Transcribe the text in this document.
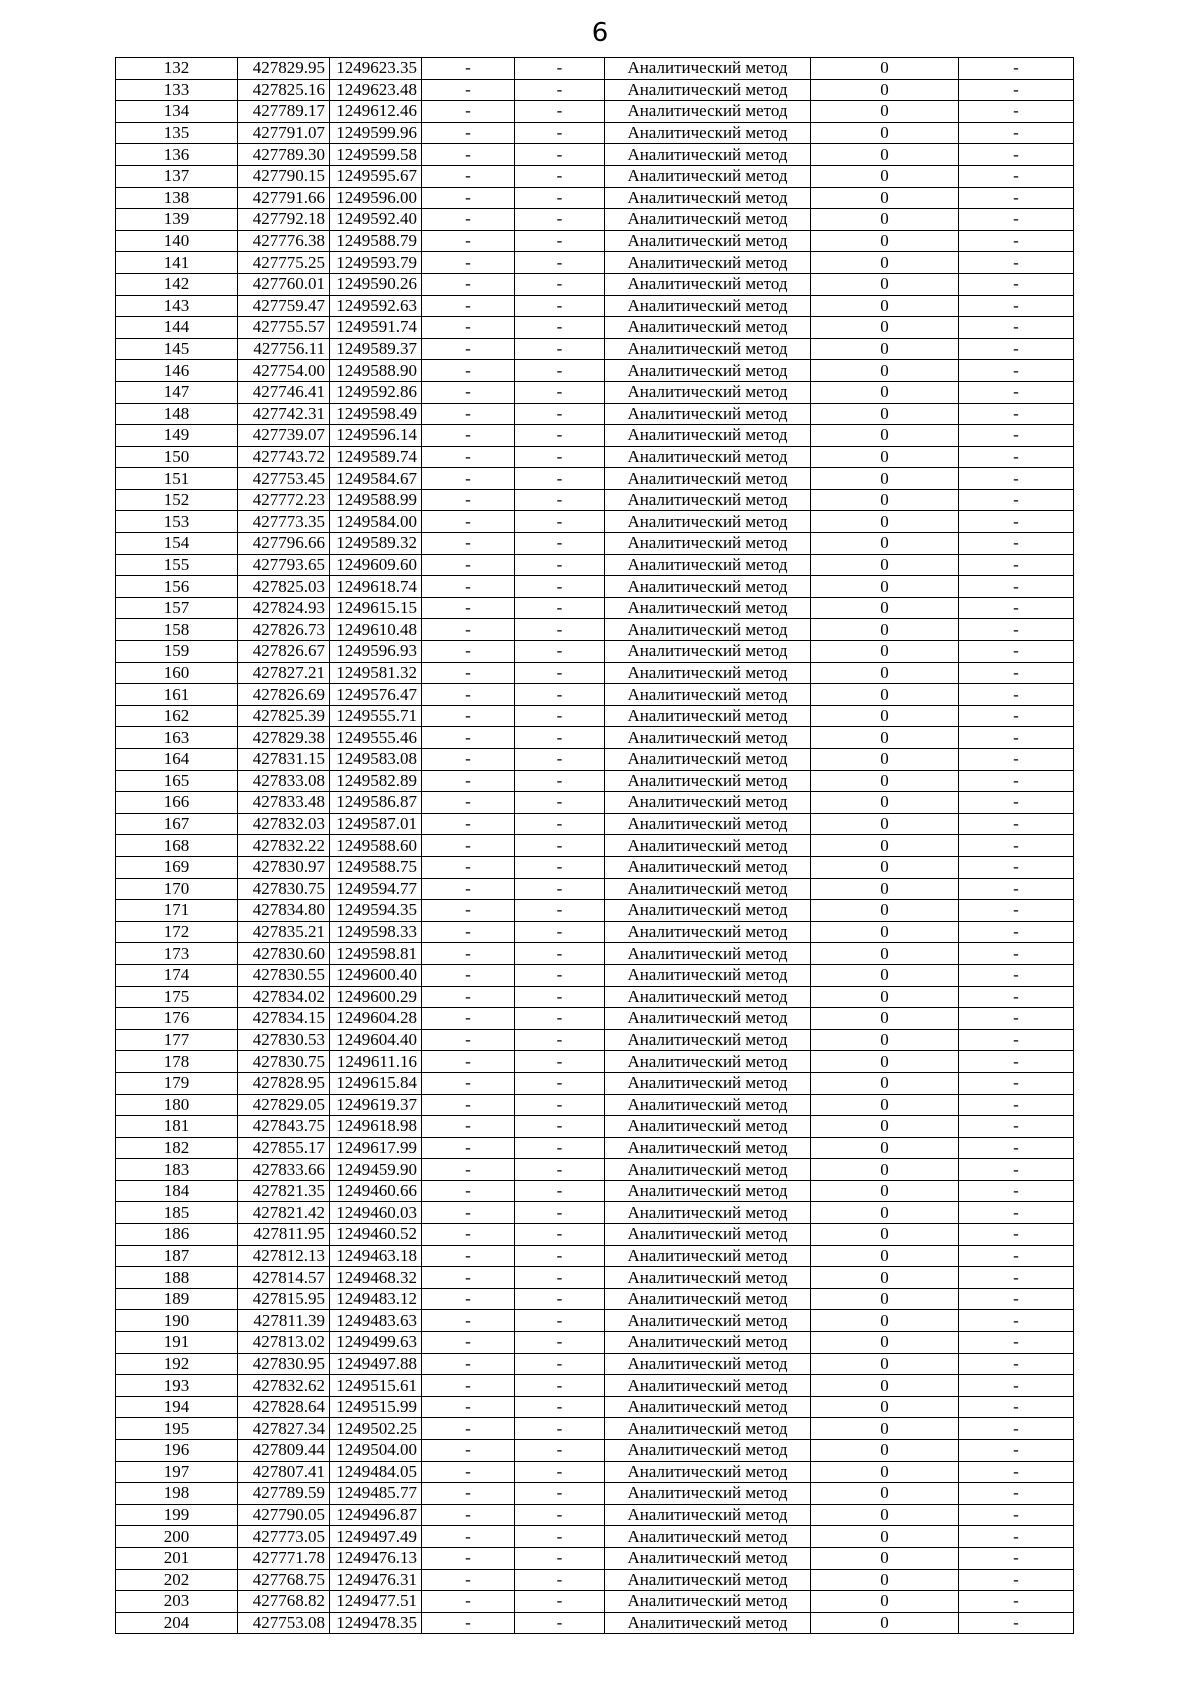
6
132	427829.95	1249623.35	-	-	Аналитический метод	0	-
133	427825.16	1249623.48	-	-	Аналитический метод	0	-
134	427789.17	1249612.46	-	-	Аналитический метод	0	-
135	427791.07	1249599.96	-	-	Аналитический метод	0	-
136	427789.30	1249599.58	-	-	Аналитический метод	0	-
137	427790.15	1249595.67	-	-	Аналитический метод	0	-
138	427791.66	1249596.00	-	-	Аналитический метод	0	-
139	427792.18	1249592.40	-	-	Аналитический метод	0	-
140	427776.38	1249588.79	-	-	Аналитический метод	0	-
141	427775.25	1249593.79	-	-	Аналитический метод	0	-
142	427760.01	1249590.26	-	-	Аналитический метод	0	-
143	427759.47	1249592.63	-	-	Аналитический метод	0	-
144	427755.57	1249591.74	-	-	Аналитический метод	0	-
145	427756.11	1249589.37	-	-	Аналитический метод	0	-
146	427754.00	1249588.90	-	-	Аналитический метод	0	-
147	427746.41	1249592.86	-	-	Аналитический метод	0	-
148	427742.31	1249598.49	-	-	Аналитический метод	0	-
149	427739.07	1249596.14	-	-	Аналитический метод	0	-
150	427743.72	1249589.74	-	-	Аналитический метод	0	-
151	427753.45	1249584.67	-	-	Аналитический метод	0	-
152	427772.23	1249588.99	-	-	Аналитический метод	0	-
153	427773.35	1249584.00	-	-	Аналитический метод	0	-
154	427796.66	1249589.32	-	-	Аналитический метод	0	-
155	427793.65	1249609.60	-	-	Аналитический метод	0	-
156	427825.03	1249618.74	-	-	Аналитический метод	0	-
157	427824.93	1249615.15	-	-	Аналитический метод	0	-
158	427826.73	1249610.48	-	-	Аналитический метод	0	-
159	427826.67	1249596.93	-	-	Аналитический метод	0	-
160	427827.21	1249581.32	-	-	Аналитический метод	0	-
161	427826.69	1249576.47	-	-	Аналитический метод	0	-
162	427825.39	1249555.71	-	-	Аналитический метод	0	-
163	427829.38	1249555.46	-	-	Аналитический метод	0	-
164	427831.15	1249583.08	-	-	Аналитический метод	0	-
165	427833.08	1249582.89	-	-	Аналитический метод	0	-
166	427833.48	1249586.87	-	-	Аналитический метод	0	-
167	427832.03	1249587.01	-	-	Аналитический метод	0	-
168	427832.22	1249588.60	-	-	Аналитический метод	0	-
169	427830.97	1249588.75	-	-	Аналитический метод	0	-
170	427830.75	1249594.77	-	-	Аналитический метод	0	-
171	427834.80	1249594.35	-	-	Аналитический метод	0	-
172	427835.21	1249598.33	-	-	Аналитический метод	0	-
173	427830.60	1249598.81	-	-	Аналитический метод	0	-
174	427830.55	1249600.40	-	-	Аналитический метод	0	-
175	427834.02	1249600.29	-	-	Аналитический метод	0	-
176	427834.15	1249604.28	-	-	Аналитический метод	0	-
177	427830.53	1249604.40	-	-	Аналитический метод	0	-
178	427830.75	1249611.16	-	-	Аналитический метод	0	-
179	427828.95	1249615.84	-	-	Аналитический метод	0	-
180	427829.05	1249619.37	-	-	Аналитический метод	0	-
181	427843.75	1249618.98	-	-	Аналитический метод	0	-
182	427855.17	1249617.99	-	-	Аналитический метод	0	-
183	427833.66	1249459.90	-	-	Аналитический метод	0	-
184	427821.35	1249460.66	-	-	Аналитический метод	0	-
185	427821.42	1249460.03	-	-	Аналитический метод	0	-
186	427811.95	1249460.52	-	-	Аналитический метод	0	-
187	427812.13	1249463.18	-	-	Аналитический метод	0	-
188	427814.57	1249468.32	-	-	Аналитический метод	0	-
189	427815.95	1249483.12	-	-	Аналитический метод	0	-
190	427811.39	1249483.63	-	-	Аналитический метод	0	-
191	427813.02	1249499.63	-	-	Аналитический метод	0	-
192	427830.95	1249497.88	-	-	Аналитический метод	0	-
193	427832.62	1249515.61	-	-	Аналитический метод	0	-
194	427828.64	1249515.99	-	-	Аналитический метод	0	-
195	427827.34	1249502.25	-	-	Аналитический метод	0	-
196	427809.44	1249504.00	-	-	Аналитический метод	0	-
197	427807.41	1249484.05	-	-	Аналитический метод	0	-
198	427789.59	1249485.77	-	-	Аналитический метод	0	-
199	427790.05	1249496.87	-	-	Аналитический метод	0	-
200	427773.05	1249497.49	-	-	Аналитический метод	0	-
201	427771.78	1249476.13	-	-	Аналитический метод	0	-
202	427768.75	1249476.31	-	-	Аналитический метод	0	-
203	427768.82	1249477.51	-	-	Аналитический метод	0	-
204	427753.08	1249478.35	-	-	Аналитический метод	0	-
